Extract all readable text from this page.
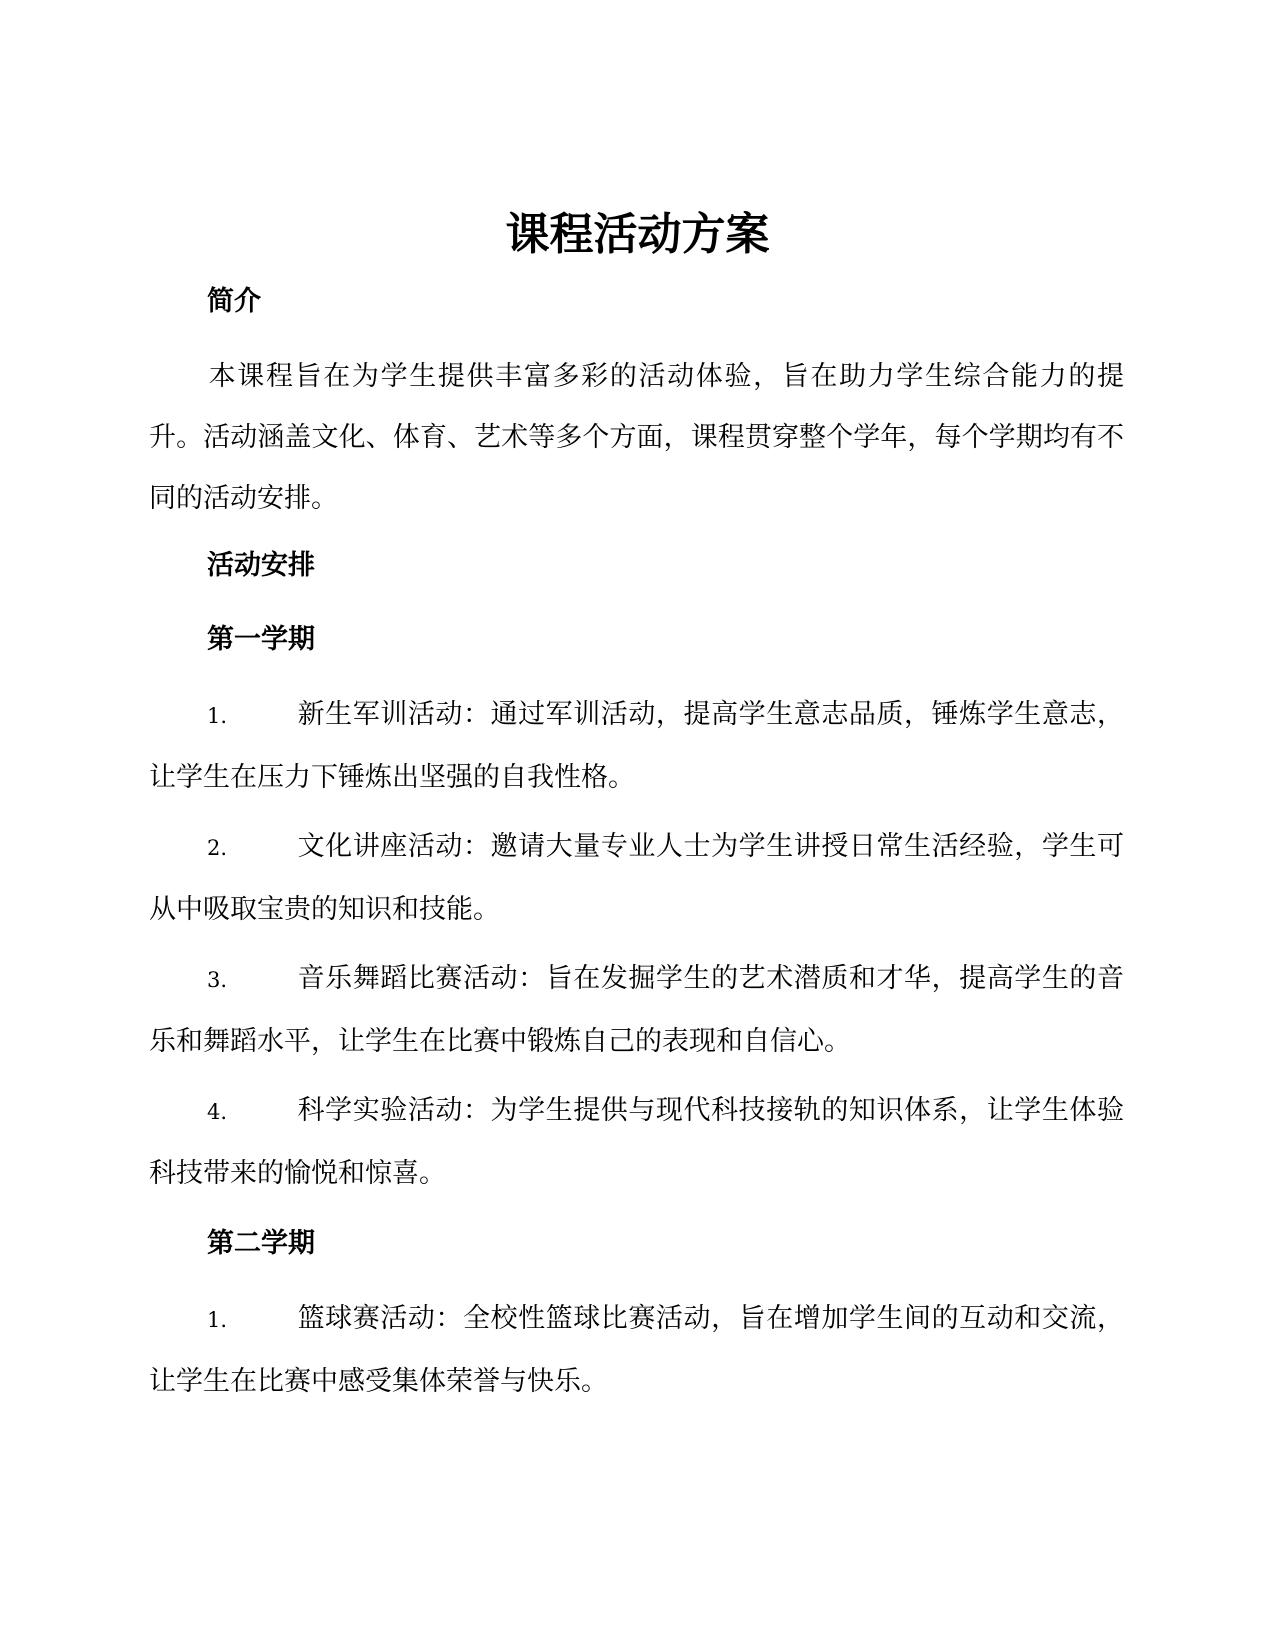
课程活动方案
简介

本课程旨在为学生提供丰富多彩的活动体验，旨在助力学生综合能力的提升。活动涵盖文化、体育、艺术等多个方面，课程贯穿整个学年，每个学期均有不同的活动安排。

活动安排
第一学期

1.	新生军训活动：通过军训活动，提高学生意志品质，锤炼学生意志，让学生在压力下锤炼出坚强的自我性格。

2.	文化讲座活动：邀请大量专业人士为学生讲授日常生活经验，学生可从中吸取宝贵的知识和技能。

3.	音乐舞蹈比赛活动：旨在发掘学生的艺术潜质和才华，提高学生的音乐和舞蹈水平，让学生在比赛中锻炼自己的表现和自信心。

4.	科学实验活动：为学生提供与现代科技接轨的知识体系，让学生体验科技带来的愉悦和惊喜。

第二学期

1.	篮球赛活动：全校性篮球比赛活动，旨在增加学生间的互动和交流，让学生在比赛中感受集体荣誉与快乐。
